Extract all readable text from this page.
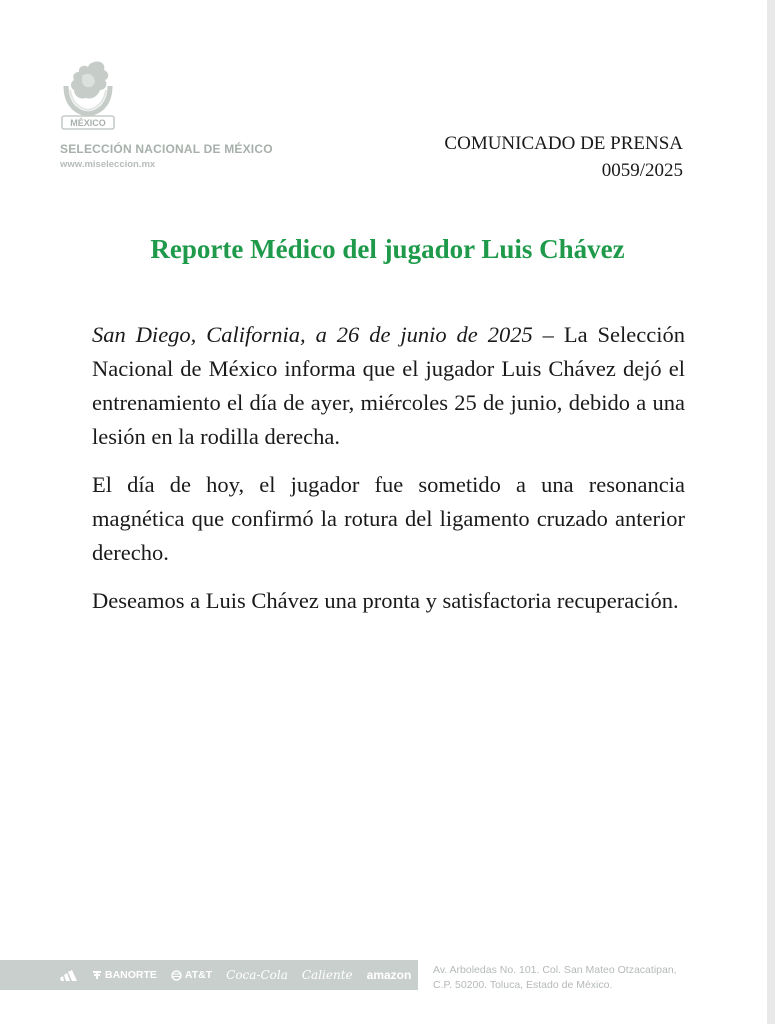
MÉXICO
SELECCIÓN NACIONAL DE MÉXICO
www.miseleccion.mx
COMUNICADO DE PRENSA
0059/2025
Reporte Médico del jugador Luis Chávez

San Diego, California, a 26 de junio de 2025 – La Selección Nacional de México informa que el jugador Luis Chávez dejó el entrenamiento el día de ayer, miércoles 25 de junio, debido a una lesión en la rodilla derecha.

El día de hoy, el jugador fue sometido a una resonancia magnética que confirmó la rotura del ligamento cruzado anterior derecho.

Deseamos a Luis Chávez una pronta y satisfactoria recuperación.

BANORTE	AT&T Coca-Cola Caliente amazon Av. Arboledas No. 101. Col. San Mateo Otzacatipan,
C.P. 50200. Toluca, Estado de México.
